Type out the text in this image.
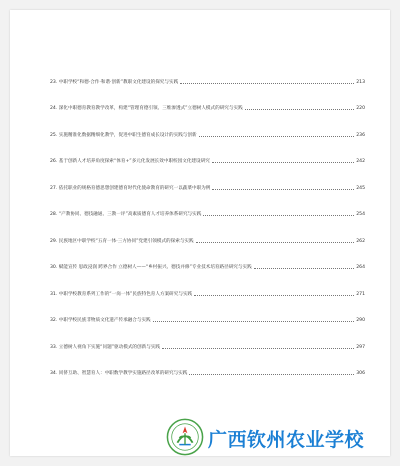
23. 中职学校“和德·合作·和谐·创新”教职文化建设的探究与实践	213
24. 深化中职德育教育教学改革，构建“管理育德引领、三维渗透式”立德树人模式的研究与实践	220
25. 实施精准化数据精细化教学，促进中职生德育成长设计的实践与创新	236
26. 基于创新人才培养角度探索“体育+”多元化发展长效中职校园文化建设研究	242
27. 依托职业的规格育德思想创建德育时代化使命教育的研究一以蔬菜中职为例	245
28. “产教协同、德技融通、三教一评”高素质德育人才培养体系研究与实践	254
29. 民族地区中职学校“五育一体·三方协同”党建引领模式的探索与实践	262
30. 赋能宣传 思政浸润 跨界合作 立德树人——“乡村振兴、德技并修”专业技术培育路径研究与实践	264
31. 中职学校教育系列工作的“一岗一体”民族特色育人方案研究与实践	271
32. 中职学校民族非物质文化遗产传承融合与实践	290
33. 立德树人视角下实施“问题”驱动模式的创新与实践	297
34. 同侪互助、智慧育人：中职数学教学实施路径改革的研究与实践	306
广西钦州农业学校
